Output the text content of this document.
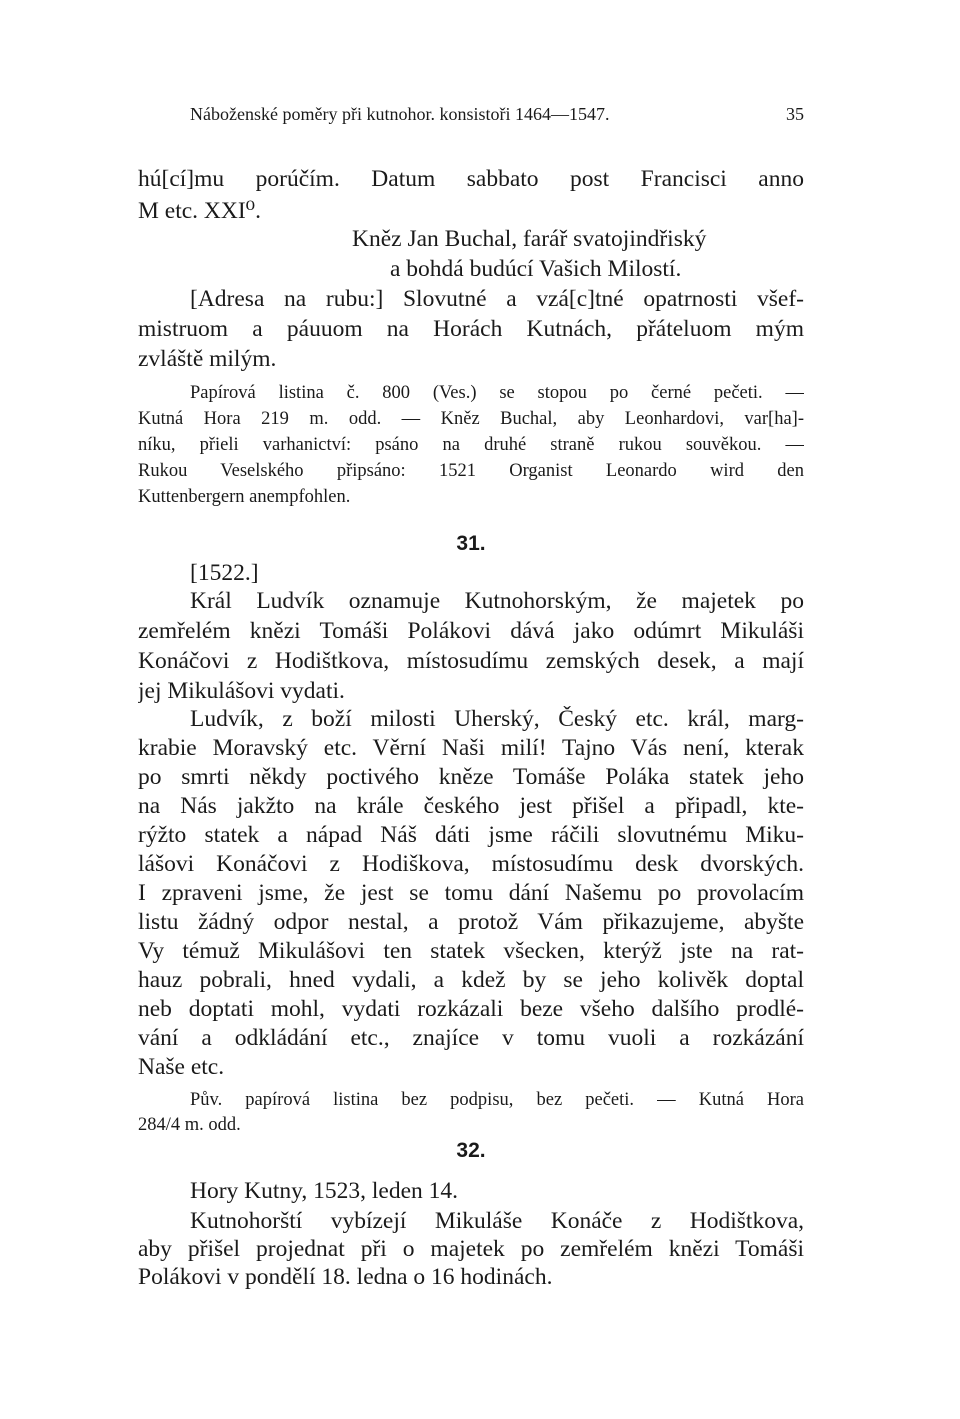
Náboženské poměry při kutnohor. konsistoři 1464—1547.	35
hú[cí]mu porúčím. Datum sabbato post Francisci anno
M etc. XXI⁰.
Kněz Jan Buchal, farář svatojindřiský
a bohdá budúcí Vašich Milostí.
[Adresa na rubu:] Slovutné a vzá[c]tné opatrnosti všef-
mistruom a páuuom na Horách Kutnách, přáteluom mým
zvláště milým.
Papírová listina č. 800 (Ves.) se stopou po černé pečeti. —
Kutná Hora 219 m. odd. — Kněz Buchal, aby Leonhardovi, var[ha]-
níku, přieli varhanictví: psáno na druhé straně rukou souvěkou. —
Rukou Veselského připsáno: 1521 Organist Leonardo wird den
Kuttenbergern anempfohlen.
31.
[1522.]
Král Ludvík oznamuje Kutnohorským, že majetek po
zemřelém knězi Tomáši Polákovi dává jako odúmrt Mikuláši
Konáčovi z Hodištkova, místosudímu zemských desek, a mají
jej Mikulášovi vydati.
Ludvík, z boží milosti Uherský, Český etc. král, marg-
krabie Moravský etc. Věrní Naši milí! Tajno Vás není, kterak
po smrti někdy poctivého kněze Tomáše Poláka statek jeho
na Nás jakžto na krále českého jest přišel a připadl, kte-
rýžto statek a nápad Náš dáti jsme ráčili slovutnému Miku-
lášovi Konáčovi z Hodiškova, místosudímu desk dvorských.
I zpraveni jsme, že jest se tomu dání Našemu po provolacím
listu žádný odpor nestal, a protož Vám přikazujeme, abyšte
Vy témuž Mikulášovi ten statek všecken, kterýž jste na rat-
hauz pobrali, hned vydali, a kdež by se jeho kolivěk doptal
neb doptati mohl, vydati rozkázali beze všeho dalšího prodlé-
vání a odkládání etc., znajíce v tomu vuoli a rozkázání
Naše etc.
Pův. papírová listina bez podpisu, bez pečeti. — Kutná Hora
284/4 m. odd.
32.
Hory Kutny, 1523, leden 14.
Kutnohorští vybízejí Mikuláše Konáče z Hodištkova,
aby přišel projednat při o majetek po zemřelém knězi Tomáši
Polákovi v pondělí 18. ledna o 16 hodinách.
